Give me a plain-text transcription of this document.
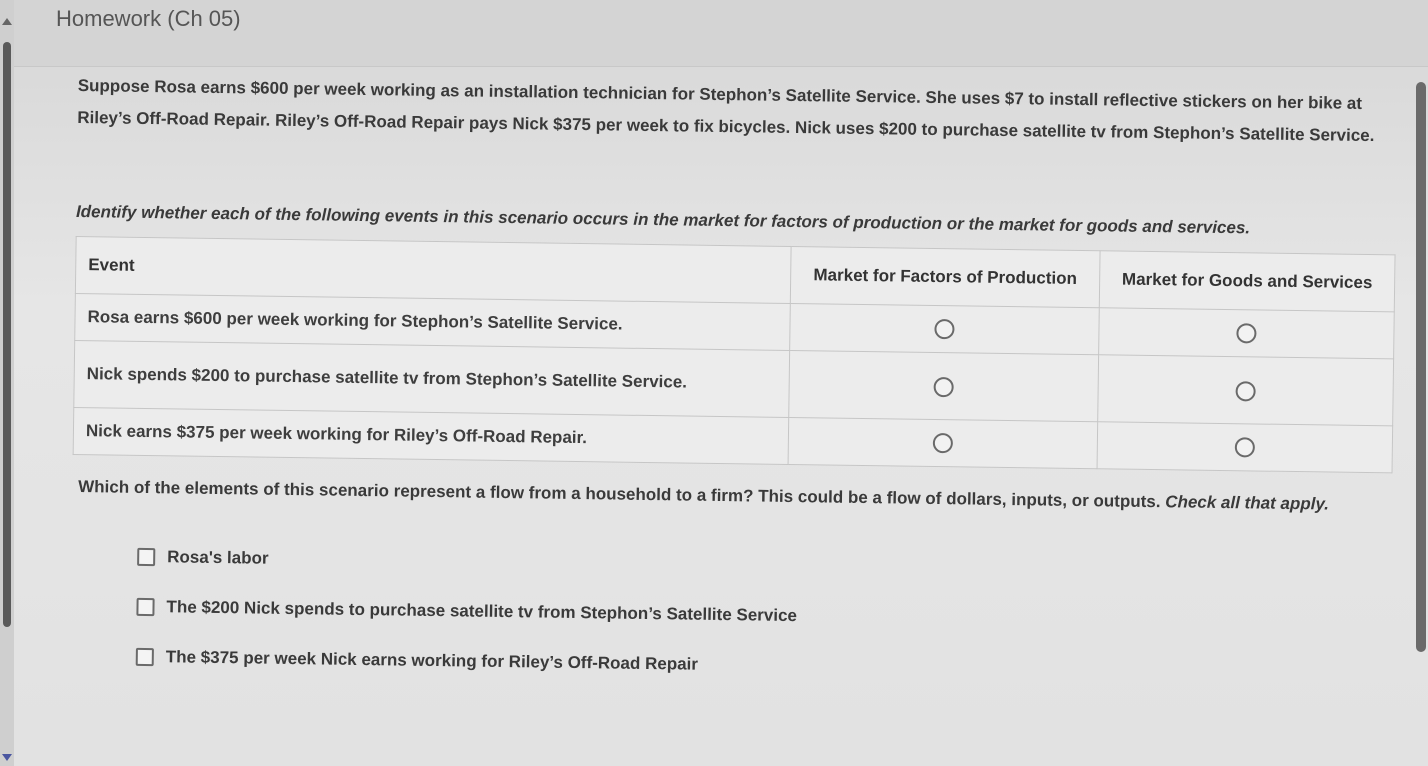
Homework (Ch 05)

Suppose Rosa earns $600 per week working as an installation technician for Stephon’s Satellite Service. She uses $7 to install reflective stickers on her bike at Riley’s Off-Road Repair. Riley’s Off-Road Repair pays Nick $375 per week to fix bicycles. Nick uses $200 to purchase satellite tv from Stephon’s Satellite Service.

Identify whether each of the following events in this scenario occurs in the market for factors of production or the market for goods and services.

Event	Market for Factors of Production	Market for Goods and Services
Rosa earns $600 per week working for Stephon’s Satellite Service.		
Nick spends $200 to purchase satellite tv from Stephon’s Satellite Service.		
Nick earns $375 per week working for Riley’s Off-Road Repair.		

Which of the elements of this scenario represent a flow from a household to a firm? This could be a flow of dollars, inputs, or outputs. Check all that apply.

Rosa's labor
The $200 Nick spends to purchase satellite tv from Stephon’s Satellite Service
The $375 per week Nick earns working for Riley’s Off-Road Repair
